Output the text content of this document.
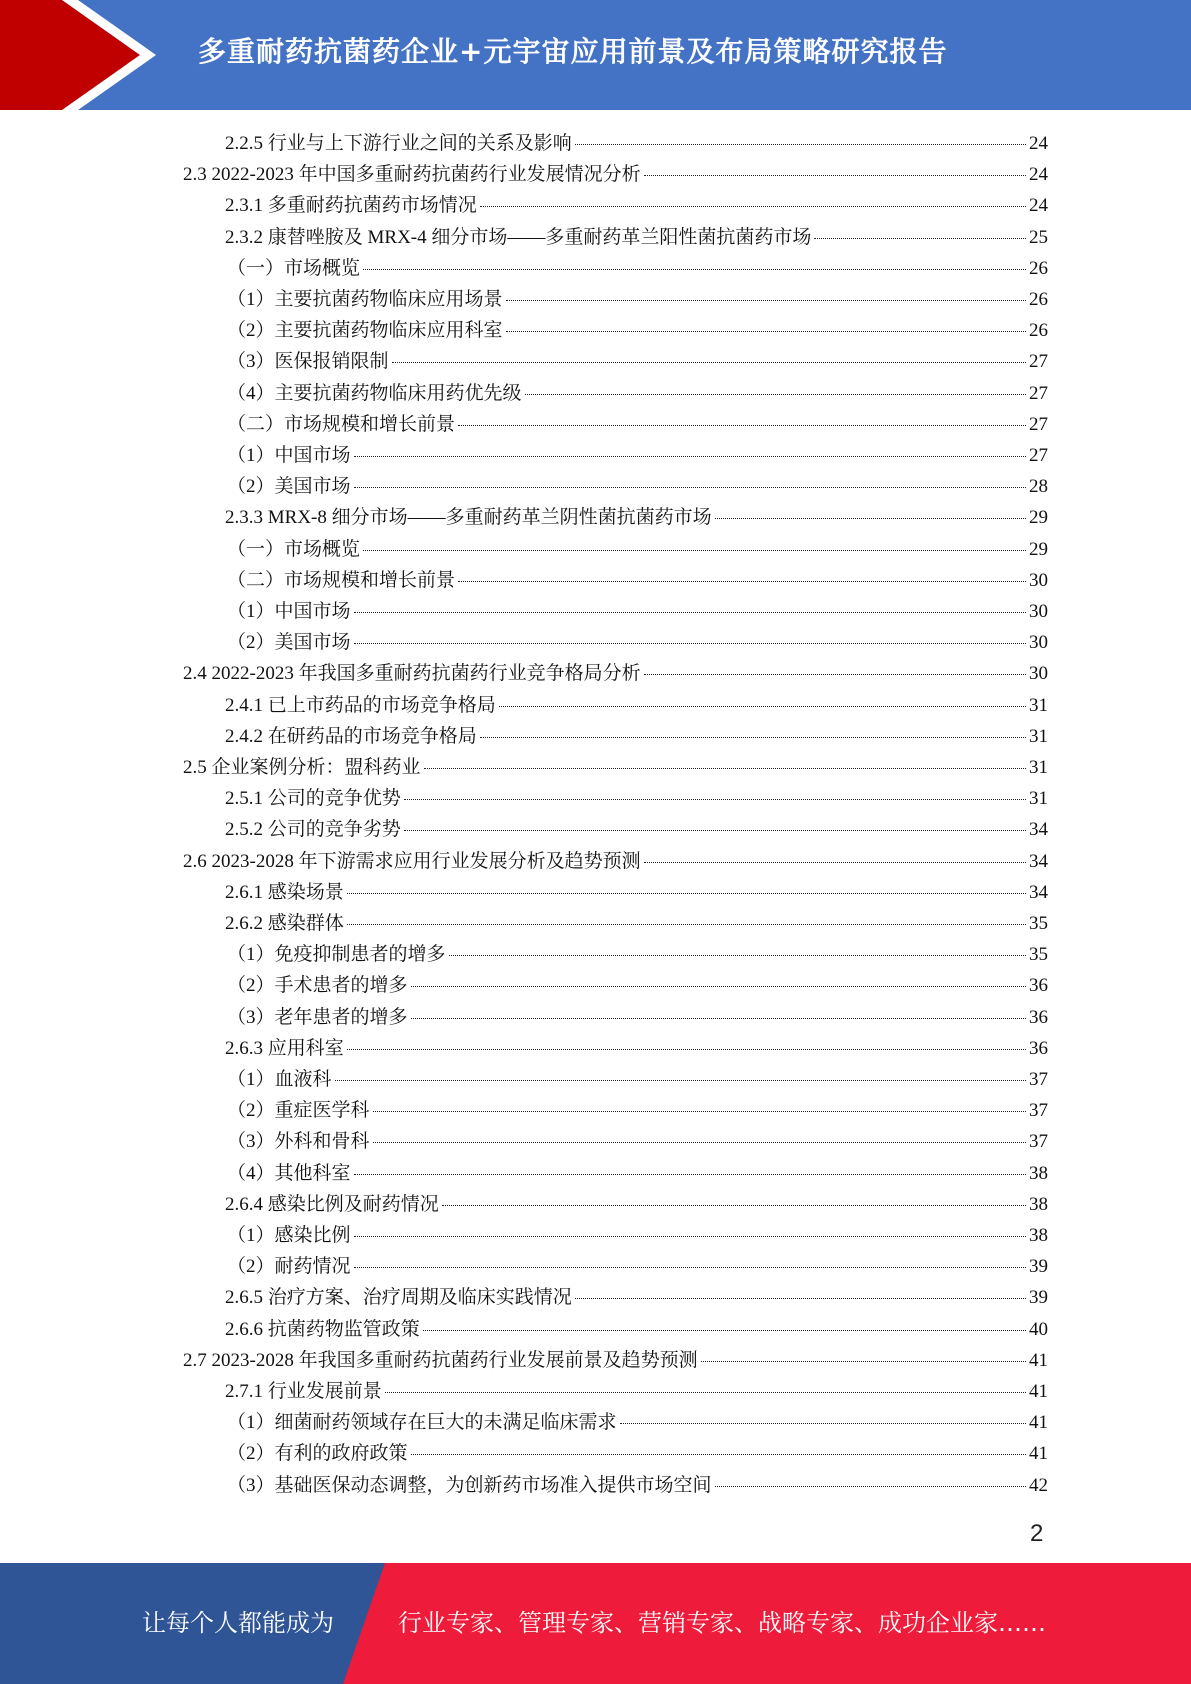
多重耐药抗菌药企业+元宇宙应用前景及布局策略研究报告
2.2.5 行业与上下游行业之间的关系及影响	24
2.3 2022-2023 年中国多重耐药抗菌药行业发展情况分析	24
2.3.1 多重耐药抗菌药市场情况	24
2.3.2 康替唑胺及 MRX-4 细分市场——多重耐药革兰阳性菌抗菌药市场	25
（一）市场概览	26
（1）主要抗菌药物临床应用场景	26
（2）主要抗菌药物临床应用科室	26
（3）医保报销限制	27
（4）主要抗菌药物临床用药优先级	27
（二）市场规模和增长前景	27
（1）中国市场	27
（2）美国市场	28
2.3.3 MRX-8 细分市场——多重耐药革兰阴性菌抗菌药市场	29
（一）市场概览	29
（二）市场规模和增长前景	30
（1）中国市场	30
（2）美国市场	30
2.4 2022-2023 年我国多重耐药抗菌药行业竞争格局分析	30
2.4.1 已上市药品的市场竞争格局	31
2.4.2 在研药品的市场竞争格局	31
2.5 企业案例分析：盟科药业	31
2.5.1 公司的竞争优势	31
2.5.2 公司的竞争劣势	34
2.6 2023-2028 年下游需求应用行业发展分析及趋势预测	34
2.6.1 感染场景	34
2.6.2 感染群体	35
（1）免疫抑制患者的增多	35
（2）手术患者的增多	36
（3）老年患者的增多	36
2.6.3 应用科室	36
（1）血液科	37
（2）重症医学科	37
（3）外科和骨科	37
（4）其他科室	38
2.6.4 感染比例及耐药情况	38
（1）感染比例	38
（2）耐药情况	39
2.6.5 治疗方案、治疗周期及临床实践情况	39
2.6.6 抗菌药物监管政策	40
2.7 2023-2028 年我国多重耐药抗菌药行业发展前景及趋势预测	41
2.7.1 行业发展前景	41
（1）细菌耐药领域存在巨大的未满足临床需求	41
（2）有利的政府政策	41
（3）基础医保动态调整，为创新药市场准入提供市场空间	42
2
让每个人都能成为	行业专家、管理专家、营销专家、战略专家、成功企业家……
